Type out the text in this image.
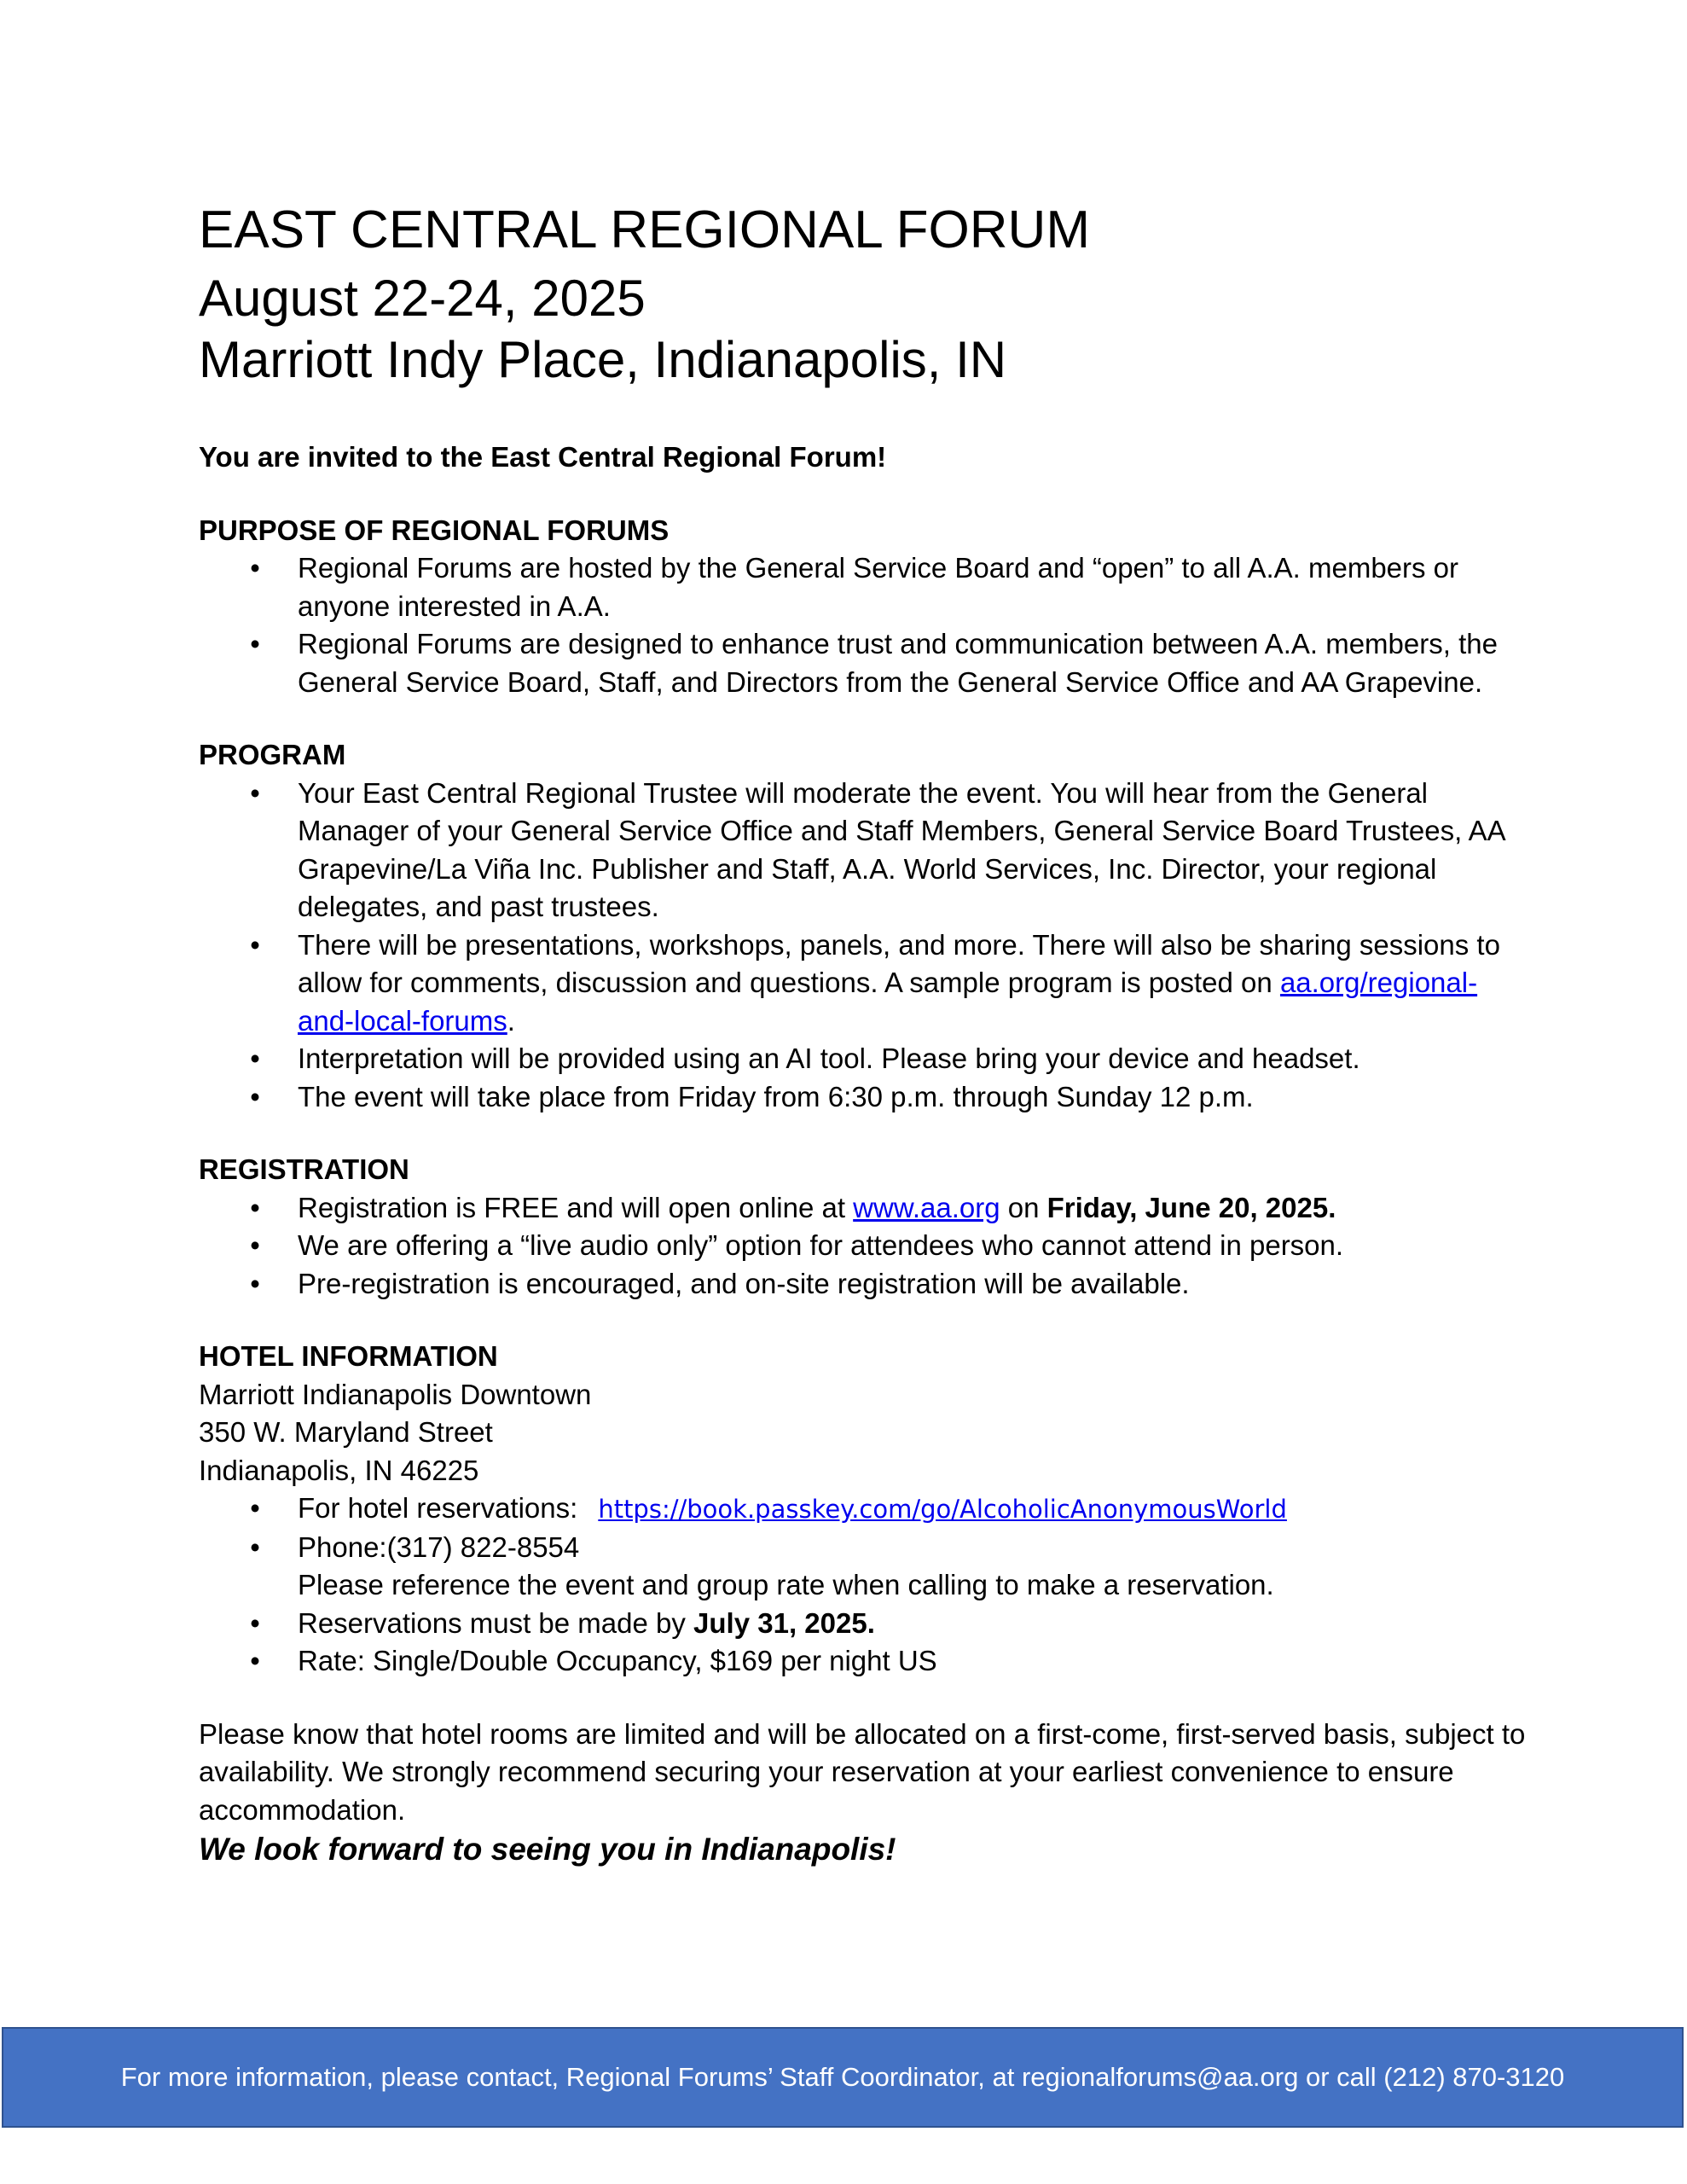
EAST CENTRAL REGIONAL FORUM
August 22-24, 2025
Marriott Indy Place, Indianapolis, IN

You are invited to the East Central Regional Forum!

PURPOSE OF REGIONAL FORUMS

• Regional Forums are hosted by the General Service Board and “open” to all A.A. members or anyone interested in A.A.
• Regional Forums are designed to enhance trust and communication between A.A. members, the General Service Board, Staff, and Directors from the General Service Office and AA Grapevine.

PROGRAM

• Your East Central Regional Trustee will moderate the event. You will hear from the General Manager of your General Service Office and Staff Members, General Service Board Trustees, AA Grapevine/La Viña Inc. Publisher and Staff, A.A. World Services, Inc. Director, your regional delegates, and past trustees.
• There will be presentations, workshops, panels, and more. There will also be sharing sessions to allow for comments, discussion and questions. A sample program is posted on aa.org/regional-and-local-forums.
• Interpretation will be provided using an AI tool. Please bring your device and headset.
• The event will take place from Friday from 6:30 p.m. through Sunday 12 p.m.

REGISTRATION

• Registration is FREE and will open online at www.aa.org on Friday, June 20, 2025.
• We are offering a “live audio only” option for attendees who cannot attend in person.
• Pre-registration is encouraged, and on-site registration will be available.

HOTEL INFORMATION

Marriott Indianapolis Downtown

350 W. Maryland Street

Indianapolis, IN 46225

• For hotel reservations: https://book.passkey.com/go/AlcoholicAnonymousWorld
• Phone:(317) 822-8554
Please reference the event and group rate when calling to make a reservation.
• Reservations must be made by July 31, 2025.
• Rate: Single/Double Occupancy, $169 per night US

Please know that hotel rooms are limited and will be allocated on a first-come, first-served basis, subject to availability. We strongly recommend securing your reservation at your earliest convenience to ensure accommodation.

We look forward to seeing you in Indianapolis!

For more information, please contact, Regional Forums’ Staff Coordinator, at regionalforums@aa.org or call (212) 870-3120
